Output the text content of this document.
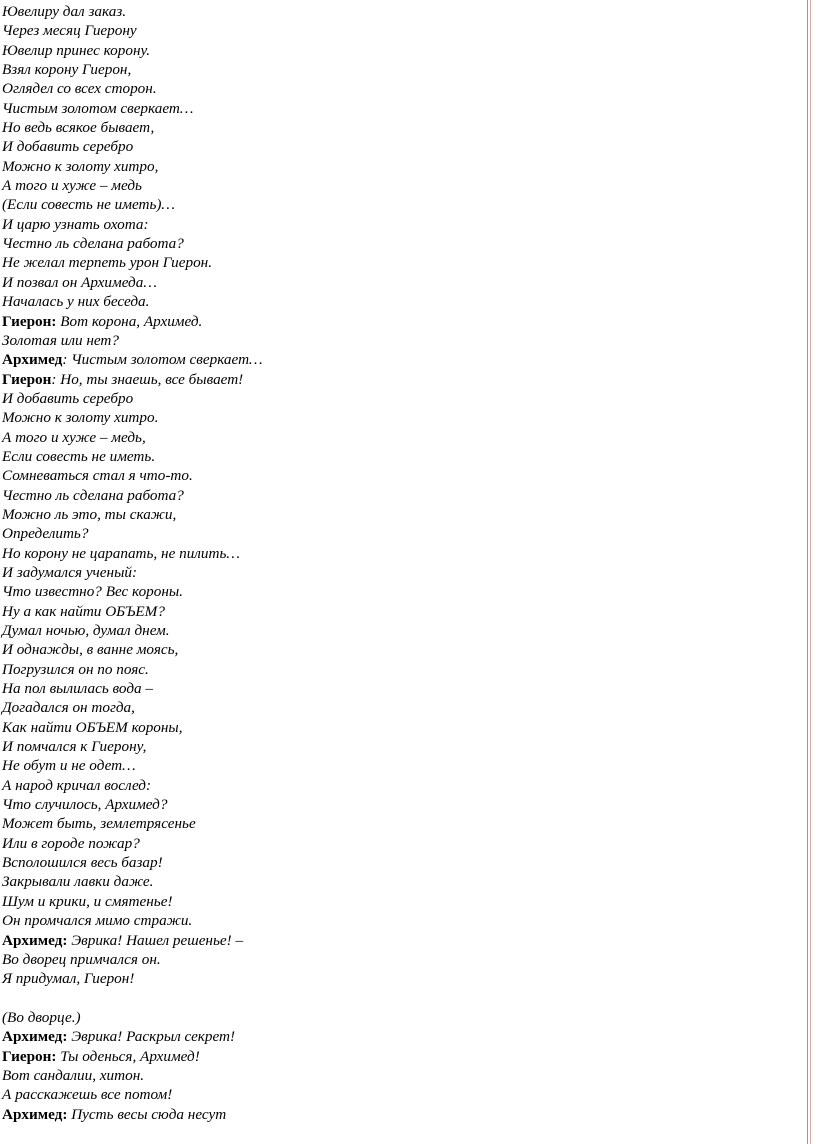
Ювелиру дал заказ.
Через месяц Гиерону
Ювелир принес корону.
Взял корону Гиерон,
Оглядел со всех сторон.
Чистым золотом сверкает…
Но ведь всякое бывает,
И добавить серебро
Можно к золоту хитро,
А того и хуже – медь
(Если совесть не иметь)…
И царю узнать охота:
Честно ль сделана работа?
Не желал терпеть урон Гиерон.
И позвал он Архимеда…
Началась у них беседа.
Гиерон: Вот корона, Архимед.
Золотая или нет?
Архимед: Чистым золотом сверкает…
Гиерон: Но, ты знаешь, все бывает!
И добавить серебро
Можно к золоту хитро.
А того и хуже – медь,
Если совесть не иметь.
Сомневаться стал я что-то.
Честно ль сделана работа?
Можно ль это, ты скажи,
Определить?
Но корону не царапать, не пилить…
И задумался ученый:
Что известно? Вес короны.
Ну а как найти ОБЪЕМ?
Думал ночью, думал днем.
И однажды, в ванне моясь,
Погрузился он по пояс.
На пол вылилась вода –
Догадался он тогда,
Как найти ОБЪЕМ короны,
И помчался к Гиерону,
Не обут и не одет…
А народ кричал вослед:
Что случилось, Архимед?
Может быть, землетрясенье
Или в городе пожар?
Всполошился весь базар!
Закрывали лавки даже.
Шум и крики, и смятенье!
Он промчался мимо стражи.
Архимед: Эврика! Нашел решенье! –
Во дворец примчался он.
Я придумал, Гиерон!
(Во дворце.)
Архимед: Эврика! Раскрыл секрет!
Гиерон: Ты оденься, Архимед!
Вот сандалии, хитон.
А расскажешь все потом!
Архимед: Пусть весы сюда несут
